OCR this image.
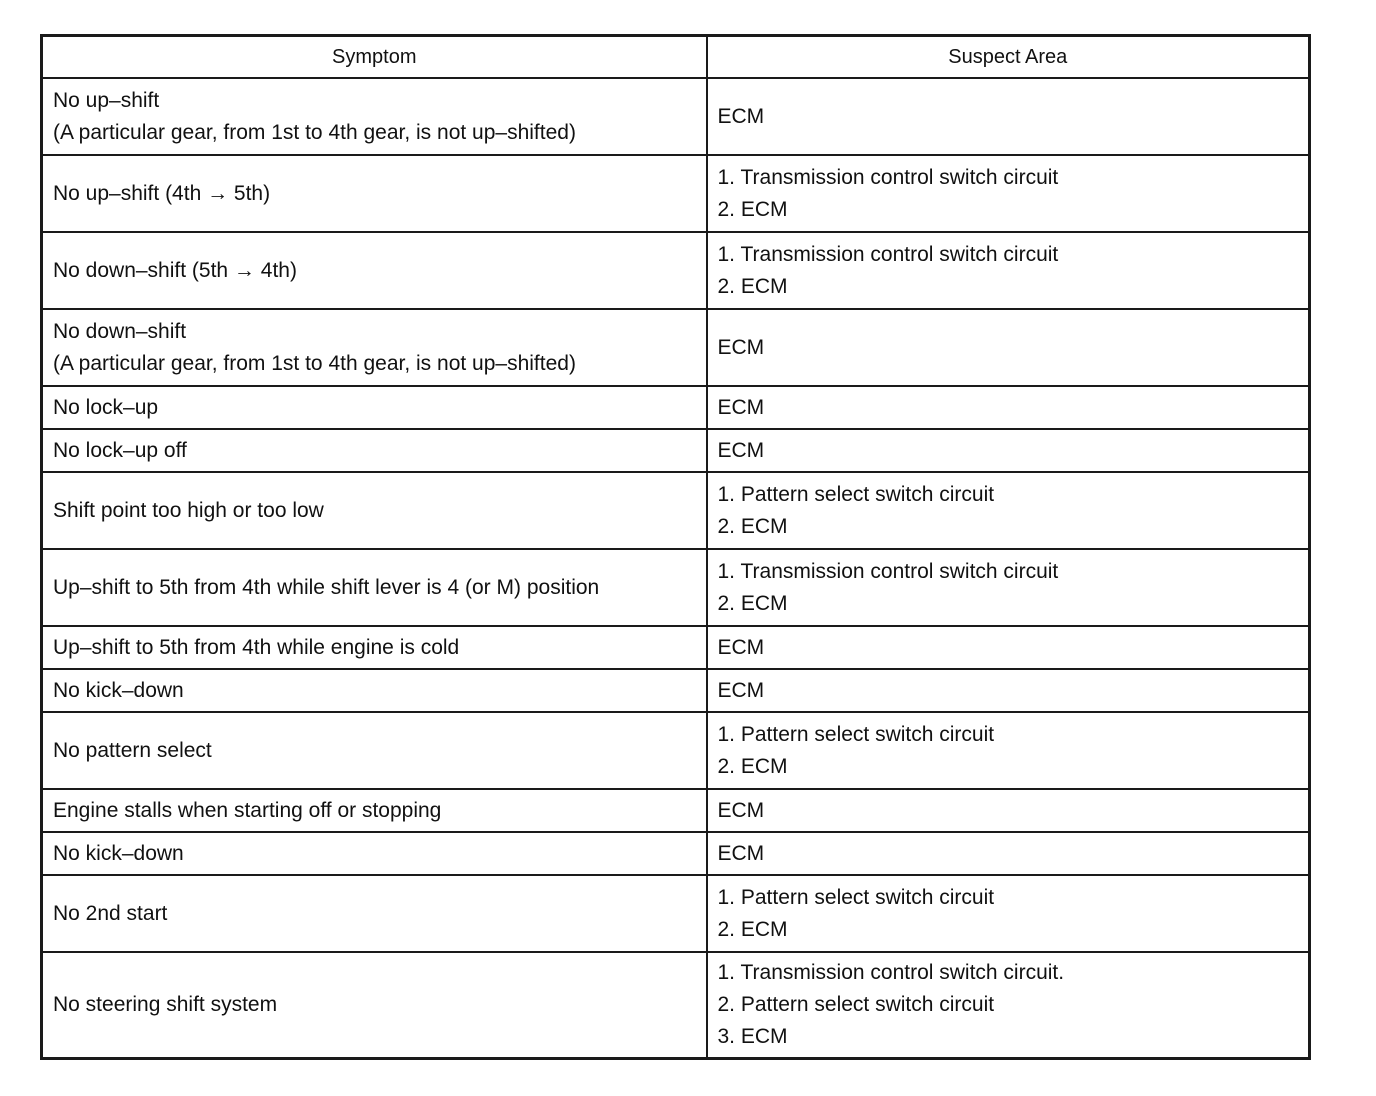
Symptom	Suspect Area

No up–shift
(A particular gear, from 1st to 4th gear, is not up–shifted)	ECM

No up–shift (4th → 5th)	1. Transmission control switch circuit
2. ECM

No down–shift (5th → 4th)	1. Transmission control switch circuit
2. ECM

No down–shift
(A particular gear, from 1st to 4th gear, is not up–shifted)	ECM

No lock–up	ECM

No lock–up off	ECM

Shift point too high or too low	1. Pattern select switch circuit
2. ECM

Up–shift to 5th from 4th while shift lever is 4 (or M) position	1. Transmission control switch circuit
2. ECM

Up–shift to 5th from 4th while engine is cold	ECM

No kick–down	ECM

No pattern select	1. Pattern select switch circuit
2. ECM

Engine stalls when starting off or stopping	ECM

No kick–down	ECM

No 2nd start	1. Pattern select switch circuit
2. ECM

No steering shift system	1. Transmission control switch circuit.
2. Pattern select switch circuit
3. ECM
